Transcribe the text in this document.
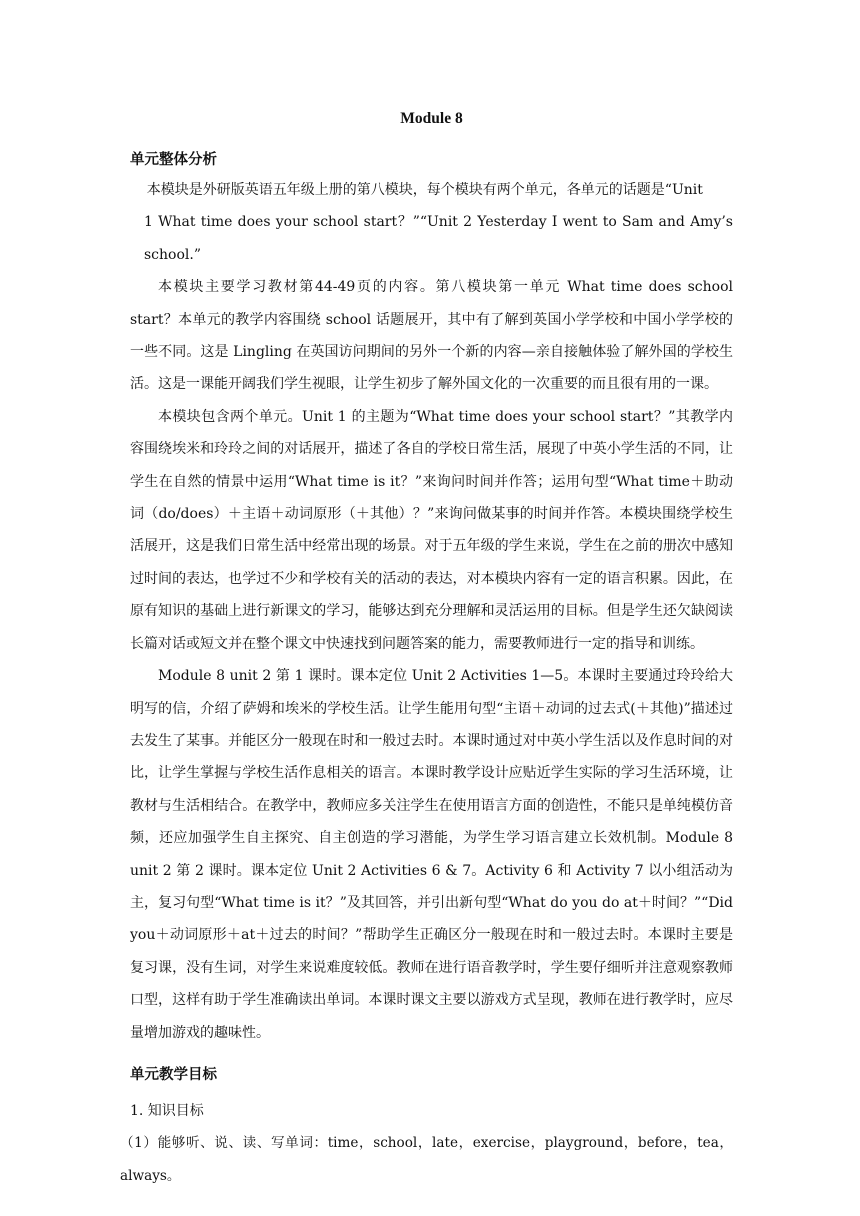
Module 8
单元整体分析

本模块是外研版英语五年级上册的第八模块，每个模块有两个单元，各单元的话题是“Unit

1 What time does your school start？”“Unit 2 Yesterday I went to Sam and Amy’s school.”

本模块主要学习教材第44-49页的内容。第八模块第一单元 What time does school start？本单元的教学内容围绕 school 话题展开，其中有了解到英国小学学校和中国小学学校的一些不同。这是 Lingling 在英国访问期间的另外一个新的内容—亲自接触体验了解外国的学校生活。这是一课能开阔我们学生视眼，让学生初步了解外国文化的一次重要的而且很有用的一课。

本模块包含两个单元。Unit 1 的主题为“What time does your school start？”其教学内容围绕埃米和玲玲之间的对话展开，描述了各自的学校日常生活，展现了中英小学生活的不同，让学生在自然的情景中运用“What time is it？”来询问时间并作答；运用句型“What time＋助动词（do/does）＋主语＋动词原形（＋其他）？”来询问做某事的时间并作答。本模块围绕学校生活展开，这是我们日常生活中经常出现的场景。对于五年级的学生来说，学生在之前的册次中感知过时间的表达，也学过不少和学校有关的活动的表达，对本模块内容有一定的语言积累。因此，在原有知识的基础上进行新课文的学习，能够达到充分理解和灵活运用的目标。但是学生还欠缺阅读长篇对话或短文并在整个课文中快速找到问题答案的能力，需要教师进行一定的指导和训练。

Module 8 unit 2 第 1 课时。课本定位 Unit 2 Activities 1—5。本课时主要通过玲玲给大明写的信，介绍了萨姆和埃米的学校生活。让学生能用句型“主语＋动词的过去式(＋其他)”描述过去发生了某事。并能区分一般现在时和一般过去时。本课时通过对中英小学生活以及作息时间的对比，让学生掌握与学校生活作息相关的语言。本课时教学设计应贴近学生实际的学习生活环境，让教材与生活相结合。在教学中，教师应多关注学生在使用语言方面的创造性，不能只是单纯模仿音频，还应加强学生自主探究、自主创造的学习潜能，为学生学习语言建立长效机制。Module 8 unit 2 第 2 课时。课本定位 Unit 2 Activities 6 & 7。Activity 6 和 Activity 7 以小组活动为主，复习句型“What time is it？”及其回答，并引出新句型“What do you do at＋时间？”“Did you＋动词原形＋at＋过去的时间？”帮助学生正确区分一般现在时和一般过去时。本课时主要是复习课，没有生词，对学生来说难度较低。教师在进行语音教学时，学生要仔细听并注意观察教师口型，这样有助于学生准确读出单词。本课时课文主要以游戏方式呈现，教师在进行教学时，应尽量增加游戏的趣味性。

单元教学目标

1. 知识目标

（1）能够听、说、读、写单词：time，school，late，exercise，playground，before，tea，always。
